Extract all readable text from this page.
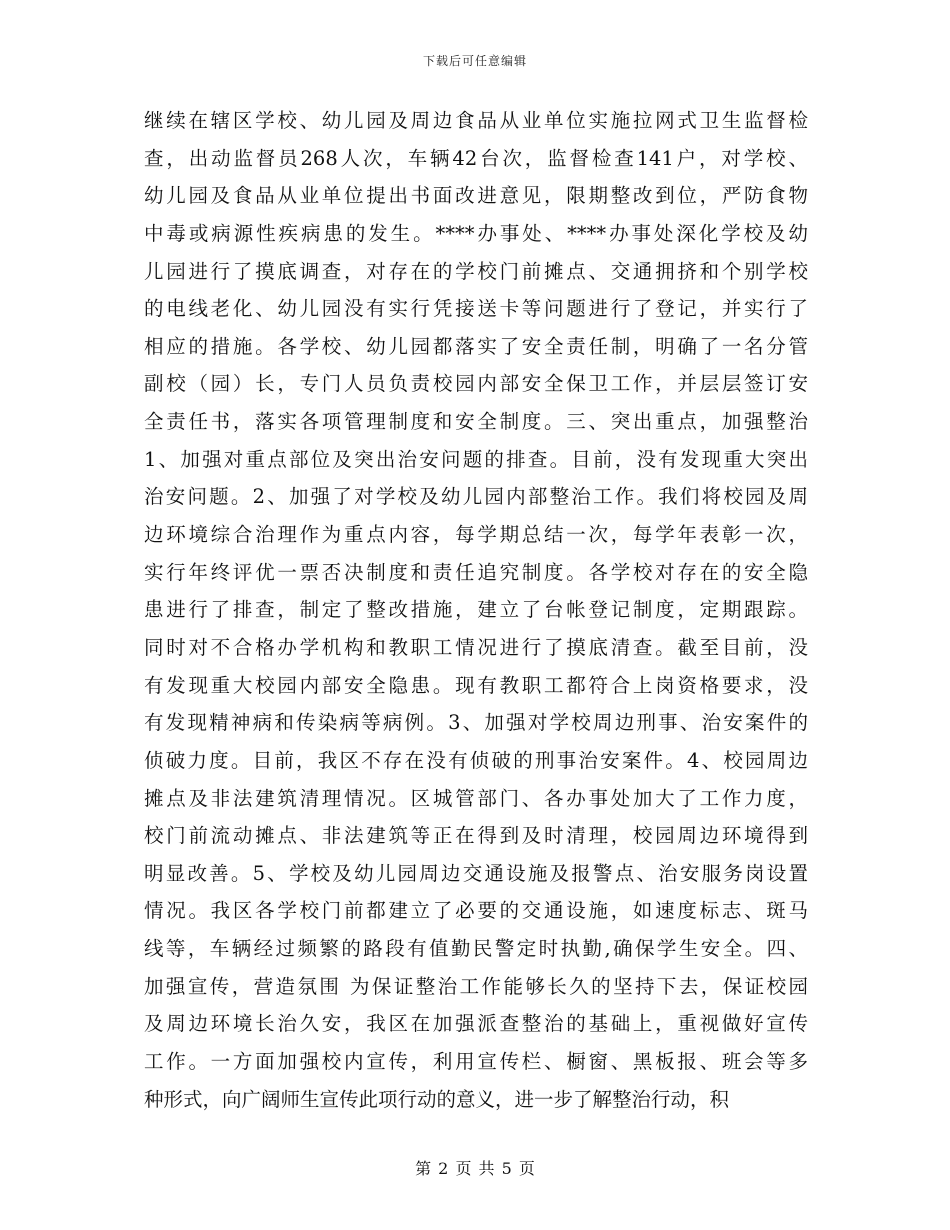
下载后可任意编辑
继续在辖区学校、幼儿园及周边食品从业单位实施拉网式卫生监督检
查，出动监督员268人次，车辆42台次，监督检查141户，对学校、
幼儿园及食品从业单位提出书面改进意见，限期整改到位，严防食物
中毒或病源性疾病患的发生。****办事处、****办事处深化学校及幼
儿园进行了摸底调查，对存在的学校门前摊点、交通拥挤和个别学校
的电线老化、幼儿园没有实行凭接送卡等问题进行了登记，并实行了
相应的措施。各学校、幼儿园都落实了安全责任制，明确了一名分管
副校（园）长，专门人员负责校园内部安全保卫工作，并层层签订安
全责任书，落实各项管理制度和安全制度。三、突出重点，加强整治
1、加强对重点部位及突出治安问题的排查。目前，没有发现重大突出
治安问题。2、加强了对学校及幼儿园内部整治工作。我们将校园及周
边环境综合治理作为重点内容，每学期总结一次，每学年表彰一次，
实行年终评优一票否决制度和责任追究制度。各学校对存在的安全隐
患进行了排查，制定了整改措施，建立了台帐登记制度，定期跟踪。
同时对不合格办学机构和教职工情况进行了摸底清查。截至目前，没
有发现重大校园内部安全隐患。现有教职工都符合上岗资格要求，没
有发现精神病和传染病等病例。3、加强对学校周边刑事、治安案件的
侦破力度。目前，我区不存在没有侦破的刑事治安案件。4、校园周边
摊点及非法建筑清理情况。区城管部门、各办事处加大了工作力度，
校门前流动摊点、非法建筑等正在得到及时清理，校园周边环境得到
明显改善。5、学校及幼儿园周边交通设施及报警点、治安服务岗设置
情况。我区各学校门前都建立了必要的交通设施，如速度标志、斑马
线等，车辆经过频繁的路段有值勤民警定时执勤,确保学生安全。四、
加强宣传，营造氛围 为保证整治工作能够长久的坚持下去，保证校园
及周边环境长治久安，我区在加强派查整治的基础上，重视做好宣传
工作。一方面加强校内宣传，利用宣传栏、橱窗、黑板报、班会等多
种形式，向广阔师生宣传此项行动的意义，进一步了解整治行动，积
第 2 页 共 5 页
